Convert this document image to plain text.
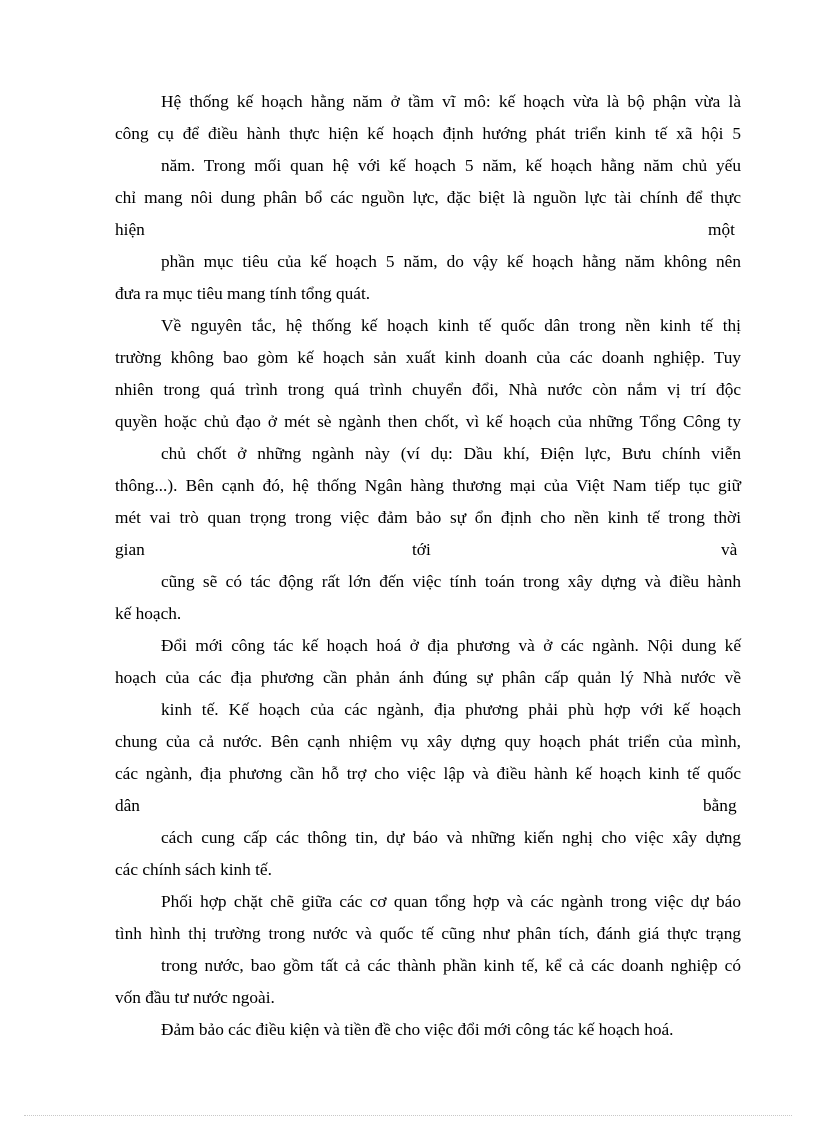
Hệ thống kế hoạch hằng năm ở tầm vĩ mô: kế hoạch vừa là bộ phận vừa là

công cụ để điều hành thực hiện kế hoạch định hướng phát triển kinh tế xã hội 5

năm. Trong mối quan hệ với kế hoạch 5 năm, kế hoạch hằng năm chủ yếu

chỉ mang nôi dung phân bổ các nguồn lực, đặc biệt là nguồn lực tài chính để thực

hiện	một

phần mục tiêu của kế hoạch 5 năm, do vậy kế hoạch hằng năm không nên

đưa ra mục tiêu mang tính tổng quát.

Về nguyên tắc, hệ thống kế hoạch kinh tế quốc dân trong nền kinh tế thị

trường không bao gòm kế hoạch sản xuất kinh doanh của các doanh nghiệp. Tuy

nhiên trong quá trình trong quá trình chuyển đổi, Nhà nước còn nắm vị trí độc

quyền hoặc chủ đạo ở mét sè ngành then chốt, vì kế hoạch của những Tổng Công ty

chủ chốt ở những ngành này (ví dụ: Dầu khí, Điện lực, Bưu chính viễn

thông...). Bên cạnh đó, hệ thống Ngân hàng thương mại của Việt Nam tiếp tục giữ

mét vai trò quan trọng trong việc đảm bảo sự ổn định cho nền kinh tế trong thời

gian	tới	và

cũng sẽ có tác động rất lớn đến việc tính toán trong xây dựng và điều hành

kế hoạch.

Đổi mới công tác kế hoạch hoá ở địa phương và ở các ngành. Nội dung kế

hoạch của các địa phương cần phản ánh đúng sự phân cấp quản lý Nhà nước về

kinh tế. Kế hoạch của các ngành, địa phương phải phù hợp với kế hoạch

chung của cả nước. Bên cạnh nhiệm vụ xây dựng quy hoạch phát triển của mình,

các ngành, địa phương cần hỗ trợ cho việc lập và điều hành kế hoạch kinh tế quốc

dân	bằng

cách cung cấp các thông tin, dự báo và những kiến nghị cho việc xây dựng

các chính sách kinh tế.

Phối hợp chặt chẽ giữa các cơ quan tổng hợp và các ngành trong việc dự báo

tình hình thị trường trong nước và quốc tế cũng như phân tích, đánh giá thực trạng

trong nước, bao gồm tất cả các thành phần kinh tế, kể cả các doanh nghiệp có

vốn đầu tư nước ngoài.

Đảm bảo các điều kiện và tiền đề cho việc đổi mới công tác kế hoạch hoá.
